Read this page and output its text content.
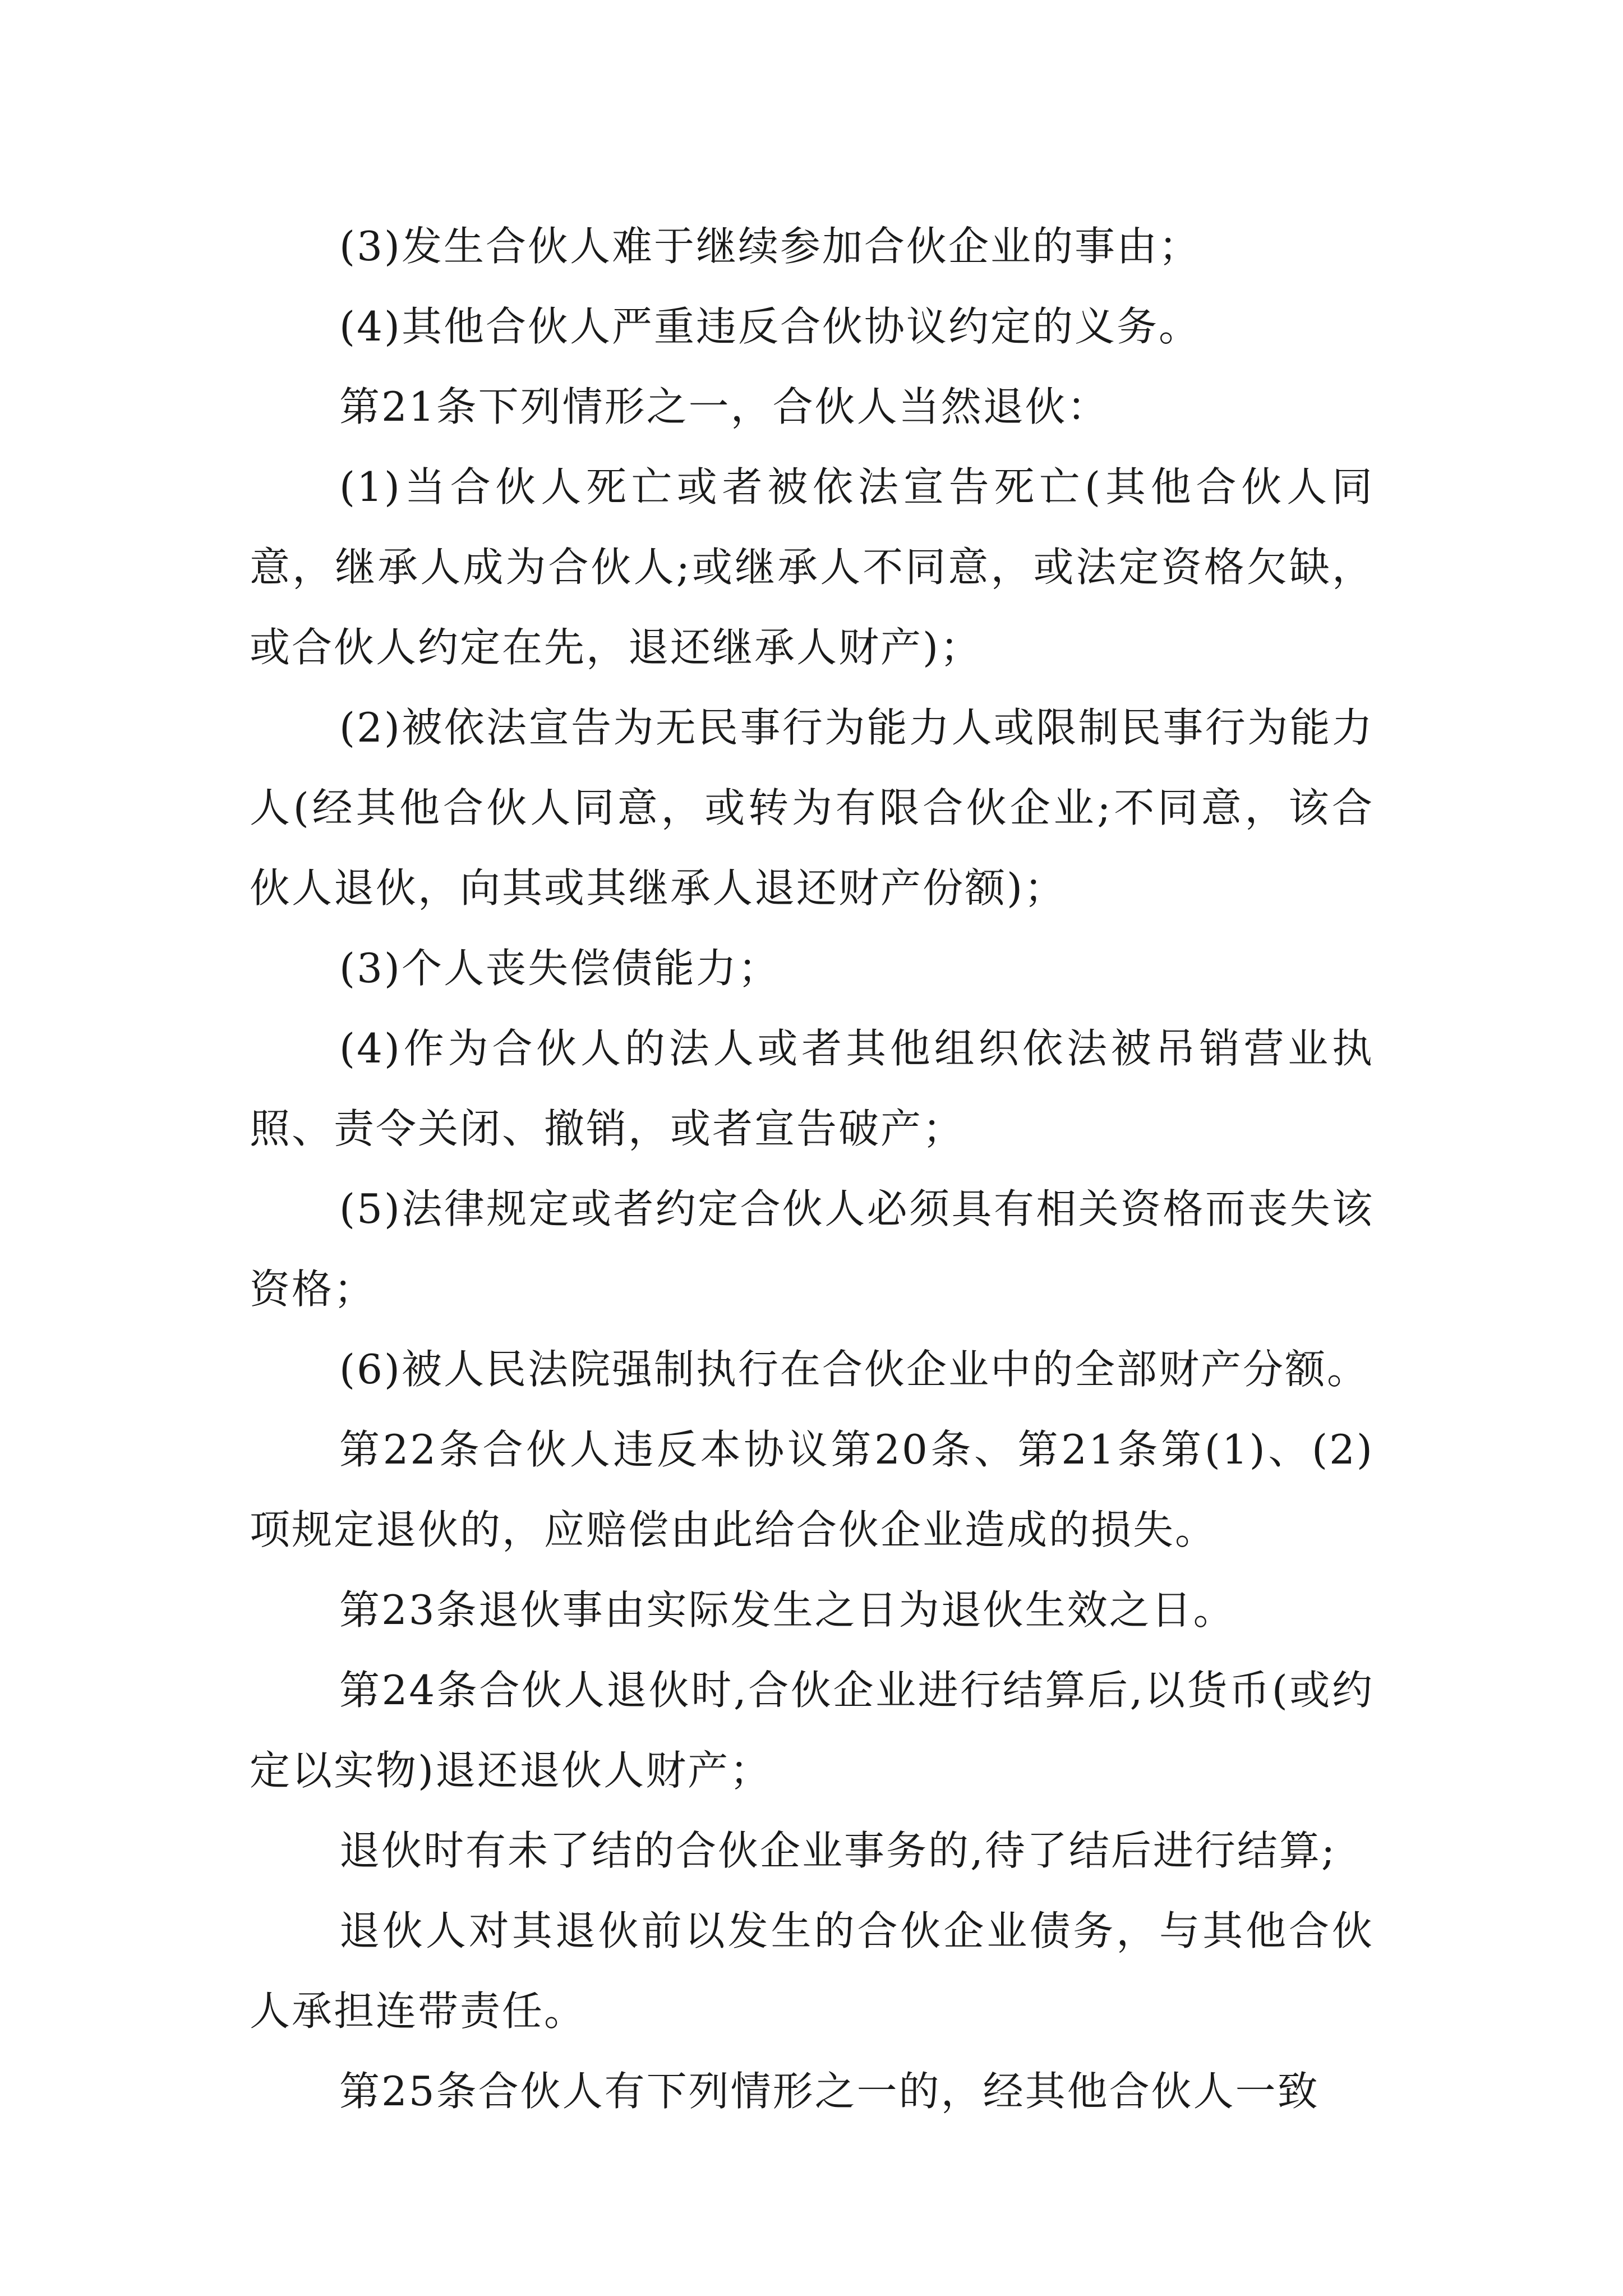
(3)发生合伙人难于继续参加合伙企业的事由；

(4)其他合伙人严重违反合伙协议约定的义务。

第21条下列情形之一，合伙人当然退伙：

(1)当合伙人死亡或者被依法宣告死亡(其他合伙人同意，继承人成为合伙人;或继承人不同意，或法定资格欠缺，或合伙人约定在先，退还继承人财产)；

(2)被依法宣告为无民事行为能力人或限制民事行为能力人(经其他合伙人同意，或转为有限合伙企业;不同意，该合伙人退伙，向其或其继承人退还财产份额)；

(3)个人丧失偿债能力；

(4)作为合伙人的法人或者其他组织依法被吊销营业执照、责令关闭、撤销，或者宣告破产；

(5)法律规定或者约定合伙人必须具有相关资格而丧失该资格；

(6)被人民法院强制执行在合伙企业中的全部财产分额。

第22条合伙人违反本协议第20条、第21条第(1)、(2)项规定退伙的，应赔偿由此给合伙企业造成的损失。

第23条退伙事由实际发生之日为退伙生效之日。

第24条合伙人退伙时,合伙企业进行结算后,以货币(或约定以实物)退还退伙人财产；

退伙时有未了结的合伙企业事务的,待了结后进行结算;

退伙人对其退伙前以发生的合伙企业债务，与其他合伙人承担连带责任。

第25条合伙人有下列情形之一的，经其他合伙人一致
